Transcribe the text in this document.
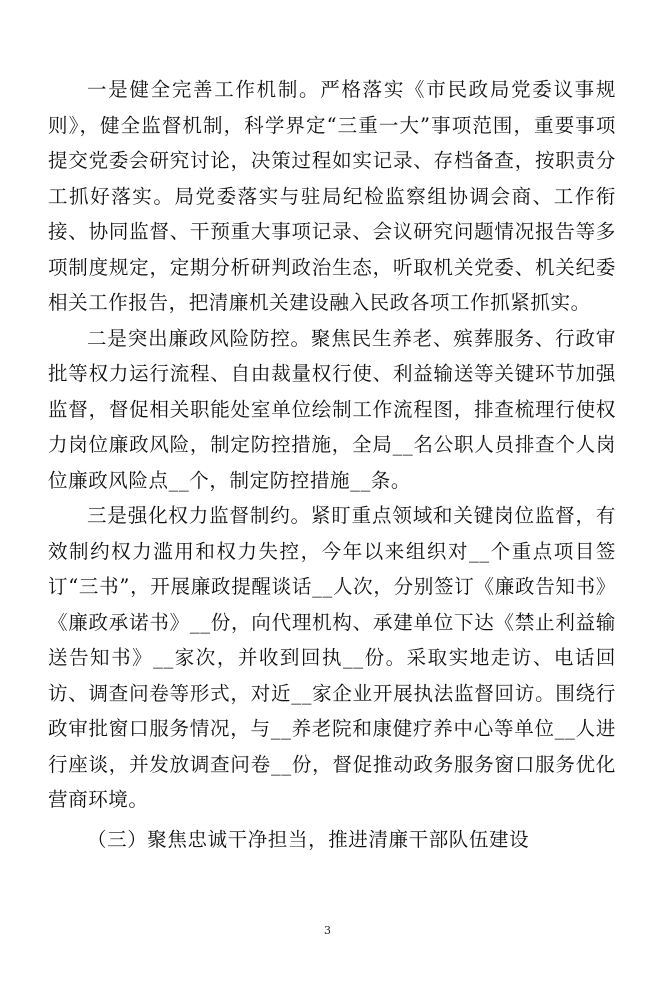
一是健全完善工作机制。严格落实《市民政局党委议事规则》，健全监督机制，科学界定“三重一大”事项范围，重要事项提交党委会研究讨论，决策过程如实记录、存档备查，按职责分工抓好落实。局党委落实与驻局纪检监察组协调会商、工作衔接、协同监督、干预重大事项记录、会议研究问题情况报告等多项制度规定，定期分析研判政治生态，听取机关党委、机关纪委相关工作报告，把清廉机关建设融入民政各项工作抓紧抓实。

二是突出廉政风险防控。聚焦民生养老、殡葬服务、行政审批等权力运行流程、自由裁量权行使、利益输送等关键环节加强监督，督促相关职能处室单位绘制工作流程图，排查梳理行使权力岗位廉政风险，制定防控措施，全局__名公职人员排查个人岗位廉政风险点__个，制定防控措施__条。

三是强化权力监督制约。紧盯重点领域和关键岗位监督，有效制约权力滥用和权力失控，今年以来组织对__个重点项目签订“三书”，开展廉政提醒谈话__人次，分别签订《廉政告知书》《廉政承诺书》__份，向代理机构、承建单位下达《禁止利益输送告知书》__家次，并收到回执__份。采取实地走访、电话回访、调查问卷等形式，对近__家企业开展执法监督回访。围绕行政审批窗口服务情况，与__养老院和康健疗养中心等单位__人进行座谈，并发放调查问卷__份，督促推动政务服务窗口服务优化营商环境。

（三）聚焦忠诚干净担当，推进清廉干部队伍建设

3
